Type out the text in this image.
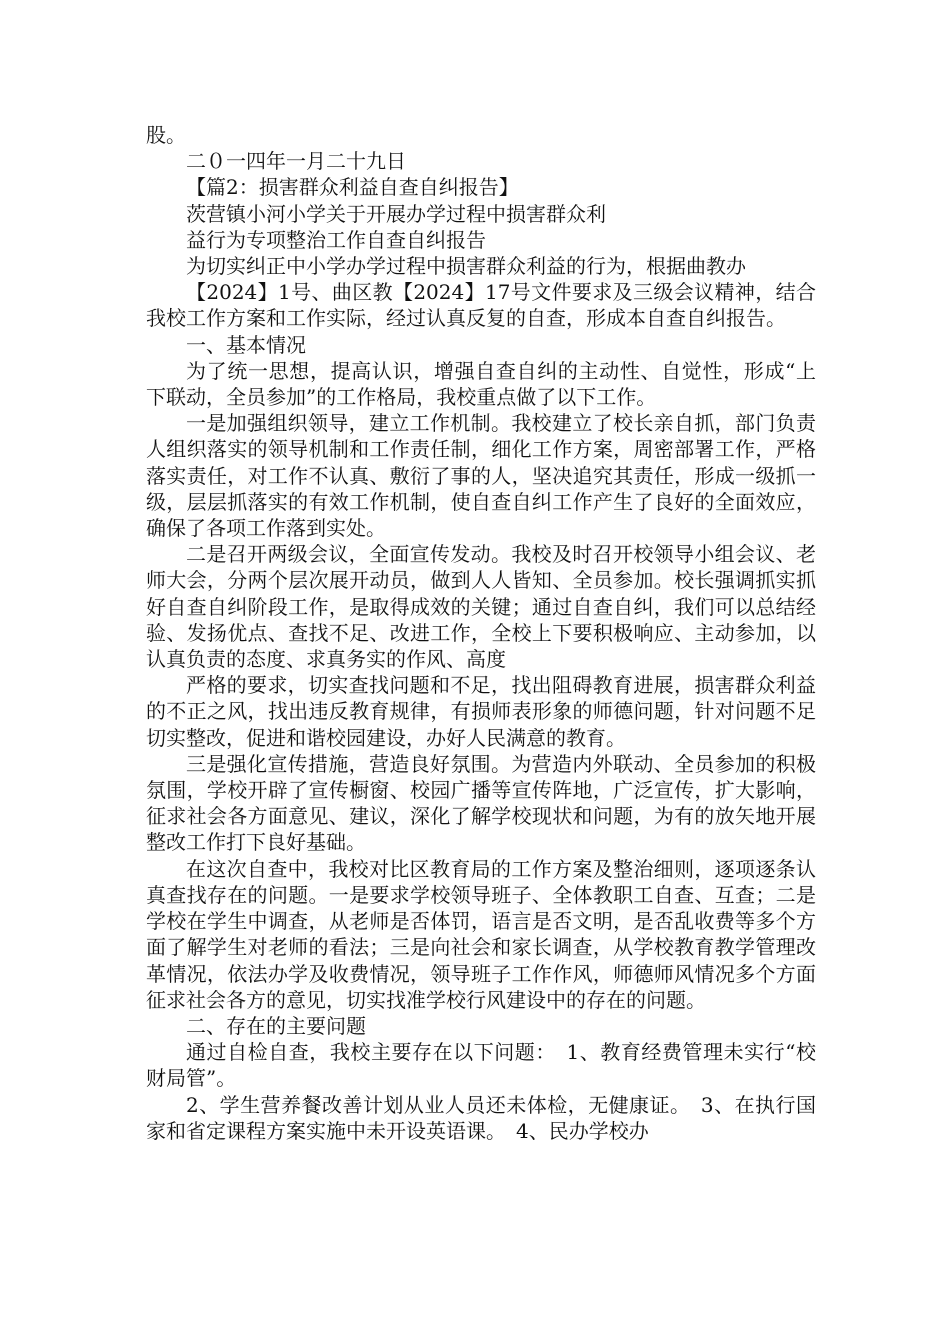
股。

二０一四年一月二十九日

【篇2：损害群众利益自查自纠报告】

茨营镇小河小学关于开展办学过程中损害群众利

益行为专项整治工作自查自纠报告

为切实纠正中小学办学过程中损害群众利益的行为，根据曲教办

【2024】1号、曲区教【2024】17号文件要求及三级会议精神，结合我校工作方案和工作实际，经过认真反复的自查，形成本自查自纠报告。

一、基本情况

为了统一思想，提高认识，增强自查自纠的主动性、自觉性，形成“上下联动，全员参加”的工作格局，我校重点做了以下工作。

一是加强组织领导，建立工作机制。我校建立了校长亲自抓，部门负责人组织落实的领导机制和工作责任制，细化工作方案，周密部署工作，严格落实责任，对工作不认真、敷衍了事的人，坚决追究其责任，形成一级抓一级，层层抓落实的有效工作机制，使自查自纠工作产生了良好的全面效应，确保了各项工作落到实处。

二是召开两级会议，全面宣传发动。我校及时召开校领导小组会议、老师大会，分两个层次展开动员，做到人人皆知、全员参加。校长强调抓实抓好自查自纠阶段工作，是取得成效的关键；通过自查自纠，我们可以总结经验、发扬优点、查找不足、改进工作，全校上下要积极响应、主动参加，以认真负责的态度、求真务实的作风、高度

严格的要求，切实查找问题和不足，找出阻碍教育进展，损害群众利益的不正之风，找出违反教育规律，有损师表形象的师德问题，针对问题不足切实整改，促进和谐校园建设，办好人民满意的教育。

三是强化宣传措施，营造良好氛围。为营造内外联动、全员参加的积极氛围，学校开辟了宣传橱窗、校园广播等宣传阵地，广泛宣传，扩大影响，征求社会各方面意见、建议，深化了解学校现状和问题，为有的放矢地开展整改工作打下良好基础。

在这次自查中，我校对比区教育局的工作方案及整治细则，逐项逐条认真查找存在的问题。一是要求学校领导班子、全体教职工自查、互查；二是学校在学生中调查，从老师是否体罚，语言是否文明，是否乱收费等多个方面了解学生对老师的看法；三是向社会和家长调查，从学校教育教学管理改革情况，依法办学及收费情况，领导班子工作作风，师德师风情况多个方面征求社会各方的意见，切实找准学校行风建设中的存在的问题。

二、存在的主要问题

通过自检自查，我校主要存在以下问题：　1、教育经费管理未实行“校财局管”。

2、学生营养餐改善计划从业人员还未体检，无健康证。　3、在执行国家和省定课程方案实施中未开设英语课。　4、民办学校办
